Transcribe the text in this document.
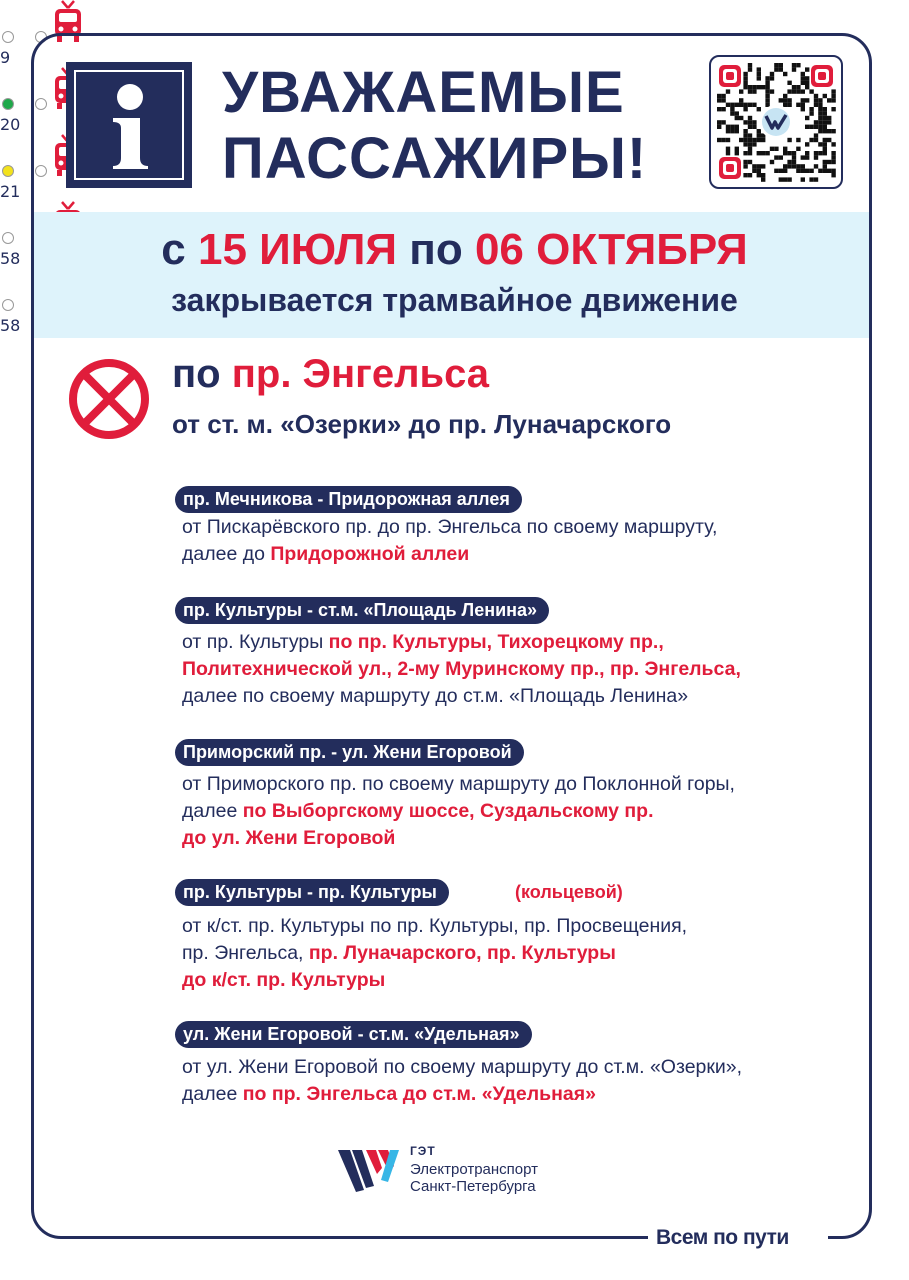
Всем по пути
УВАЖАЕМЫЕ
ПАССАЖИРЫ!
с 15 ИЮЛЯ по 06 ОКТЯБРЯ
закрывается трамвайное движение
по пр. Энгельса
от ст. м. «Озерки» до пр. Луначарского
пр. Мечникова - Придорожная аллея
9
от Пискарёвского пр. до пр. Энгельса по своему маршруту,
далее до Придорожной аллеи
пр. Культуры - ст.м. «Площадь Ленина»
20
от пр. Культуры по пр. Культуры, Тихорецкому пр.,
Политехнической ул., 2-му Муринскому пр., пр. Энгельса,
далее по своему маршруту до ст.м. «Площадь Ленина»
Приморский пр. - ул. Жени Егоровой
21
от Приморского пр. по своему маршруту до Поклонной горы,
далее по Выборгскому шоссе, Суздальскому пр.
до ул. Жени Егоровой
пр. Культуры - пр. Культуры	(кольцевой)
58
от к/ст. пр. Культуры по пр. Культуры, пр. Просвещения,
пр. Энгельса, пр. Луначарского, пр. Культуры
до к/ст. пр. Культуры
ул. Жени Егоровой - ст.м. «Удельная»
58
от ул. Жени Егоровой по своему маршруту до ст.м. «Озерки»,
далее по пр. Энгельса до ст.м. «Удельная»
ГЭТ
Электротранспорт
Санкт-Петербурга
